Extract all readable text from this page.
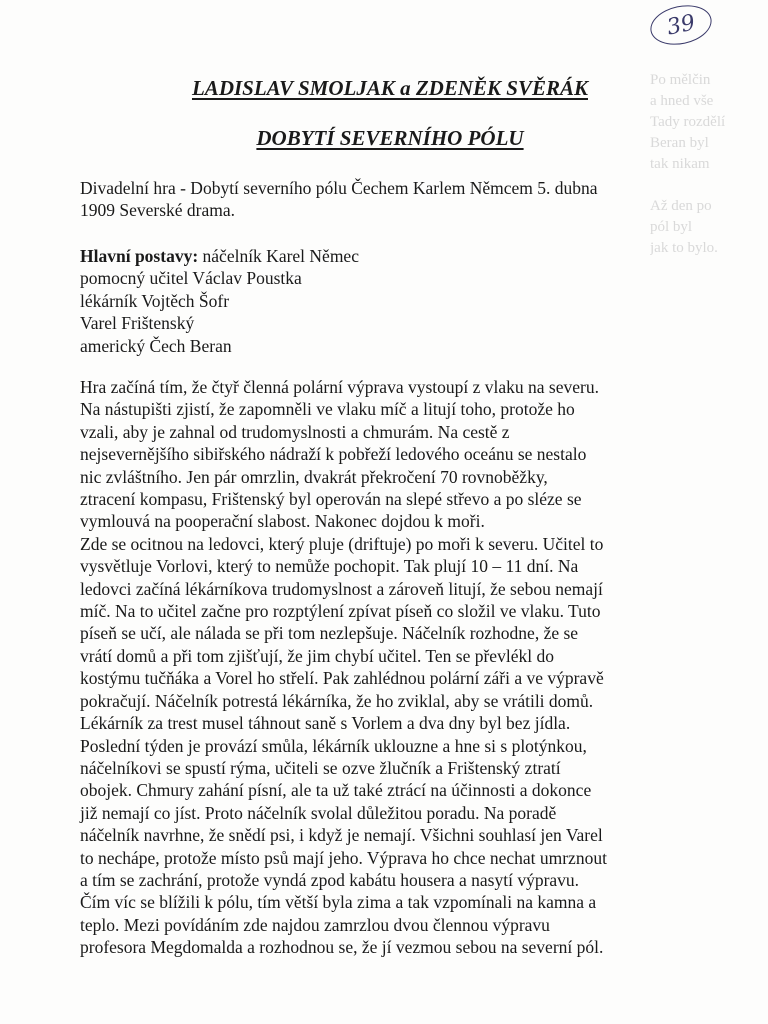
39
Po mělčin
a hned vše
Tady rozdělí
Beran byl
tak nikam
Až den po
pól byl
jak to bylo.
LADISLAV SMOLJAK a ZDENĚK SVĚRÁK
DOBYTÍ SEVERNÍHO PÓLU
Divadelní hra - Dobytí severního pólu Čechem Karlem Němcem 5. dubna
1909 Severské drama.
Hlavní postavy: náčelník Karel Němec
pomocný učitel Václav Poustka
lékárník Vojtěch Šofr
Varel Frištenský
americký Čech Beran
Hra začíná tím, že čtyř členná polární výprava vystoupí z vlaku na severu.
Na nástupišti zjistí, že zapomněli ve vlaku míč a litují toho, protože ho
vzali, aby je zahnal od trudomyslnosti a chmurám. Na cestě z
nejsevernějšího sibiřského nádraží k pobřeží ledového oceánu se nestalo
nic zvláštního. Jen pár omrzlin, dvakrát překročení 70 rovnoběžky,
ztracení kompasu, Frištenský byl operován na slepé střevo a po sléze se
vymlouvá na pooperační slabost. Nakonec dojdou k moři.
Zde se ocitnou na ledovci, který pluje (driftuje) po moři k severu. Učitel to
vysvětluje Vorlovi, který to nemůže pochopit. Tak plují 10 – 11 dní. Na
ledovci začíná lékárníkova trudomyslnost a zároveň litují, že sebou nemají
míč. Na to učitel začne pro rozptýlení zpívat píseň co složil ve vlaku. Tuto
píseň se učí, ale nálada se při tom nezlepšuje. Náčelník rozhodne, že se
vrátí domů a při tom zjišťují, že jim chybí učitel. Ten se převlékl do
kostýmu tučňáka a Vorel ho střelí. Pak zahlédnou polární záři a ve výpravě
pokračují. Náčelník potrestá lékárníka, že ho zviklal, aby se vrátili domů.
Lékárník za trest musel táhnout saně s Vorlem a dva dny byl bez jídla.
Poslední týden je provází smůla, lékárník uklouzne a hne si s plotýnkou,
náčelníkovi se spustí rýma, učiteli se ozve žlučník a Frištenský ztratí
obojek. Chmury zahání písní, ale ta už také ztrácí na účinnosti a dokonce
již nemají co jíst. Proto náčelník svolal důležitou poradu. Na poradě
náčelník navrhne, že snědí psi, i když je nemají. Všichni souhlasí jen Varel
to nechápe, protože místo psů mají jeho. Výprava ho chce nechat umrznout
a tím se zachrání, protože vyndá zpod kabátu housera a nasytí výpravu.
Čím víc se blížili k pólu, tím větší byla zima a tak vzpomínali na kamna a
teplo. Mezi povídáním zde najdou zamrzlou dvou člennou výpravu
profesora Megdomalda a rozhodnou se, že jí vezmou sebou na severní pól.
